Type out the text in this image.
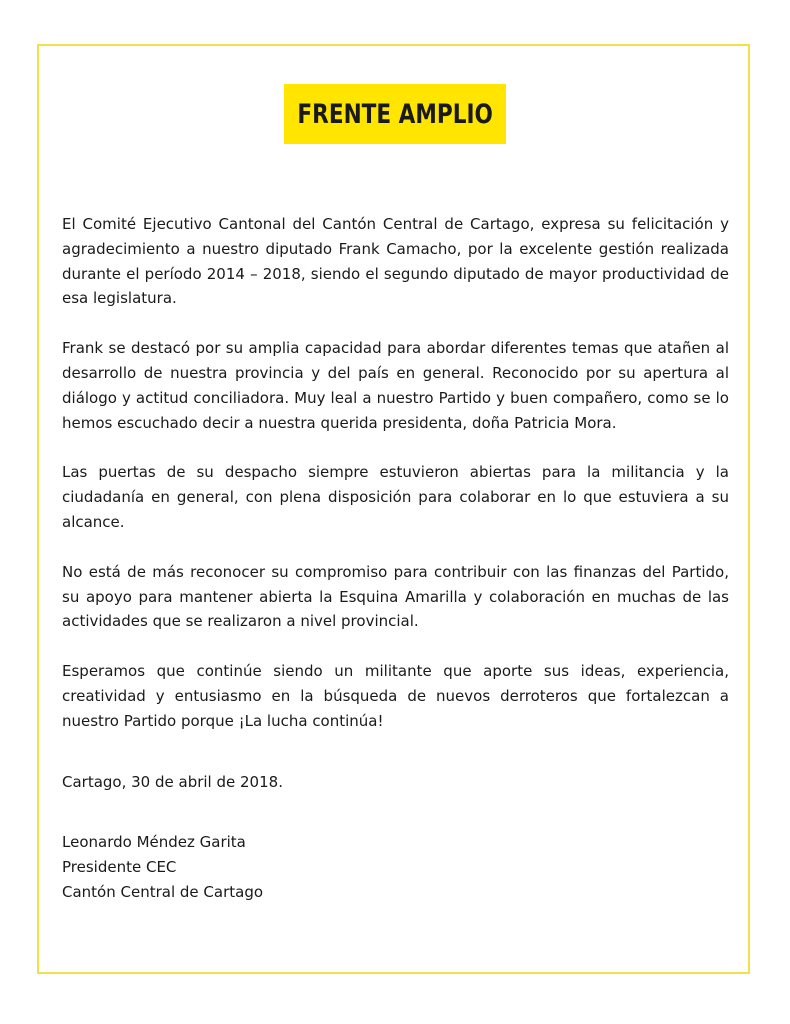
FRENTE AMPLIO

El Comité Ejecutivo Cantonal del Cantón Central de Cartago, expresa su felicitación y agradecimiento a nuestro diputado Frank Camacho, por la excelente gestión realizada durante el período 2014 – 2018, siendo el segundo diputado de mayor productividad de esa legislatura.

Frank se destacó por su amplia capacidad para abordar diferentes temas que atañen al desarrollo de nuestra provincia y del país en general. Reconocido por su apertura al diálogo y actitud conciliadora. Muy leal a nuestro Partido y buen compañero, como se lo hemos escuchado decir a nuestra querida presidenta, doña Patricia Mora.

Las puertas de su despacho siempre estuvieron abiertas para la militancia y la ciudadanía en general, con plena disposición para colaborar en lo que estuviera a su alcance.

No está de más reconocer su compromiso para contribuir con las finanzas del Partido, su apoyo para mantener abierta la Esquina Amarilla y colaboración en muchas de las actividades que se realizaron a nivel provincial.

Esperamos que continúe siendo un militante que aporte sus ideas, experiencia, creatividad y entusiasmo en la búsqueda de nuevos derroteros que fortalezcan a nuestro Partido porque ¡La lucha continúa!

Cartago, 30 de abril de 2018.

Leonardo Méndez Garita
Presidente CEC
Cantón Central de Cartago
